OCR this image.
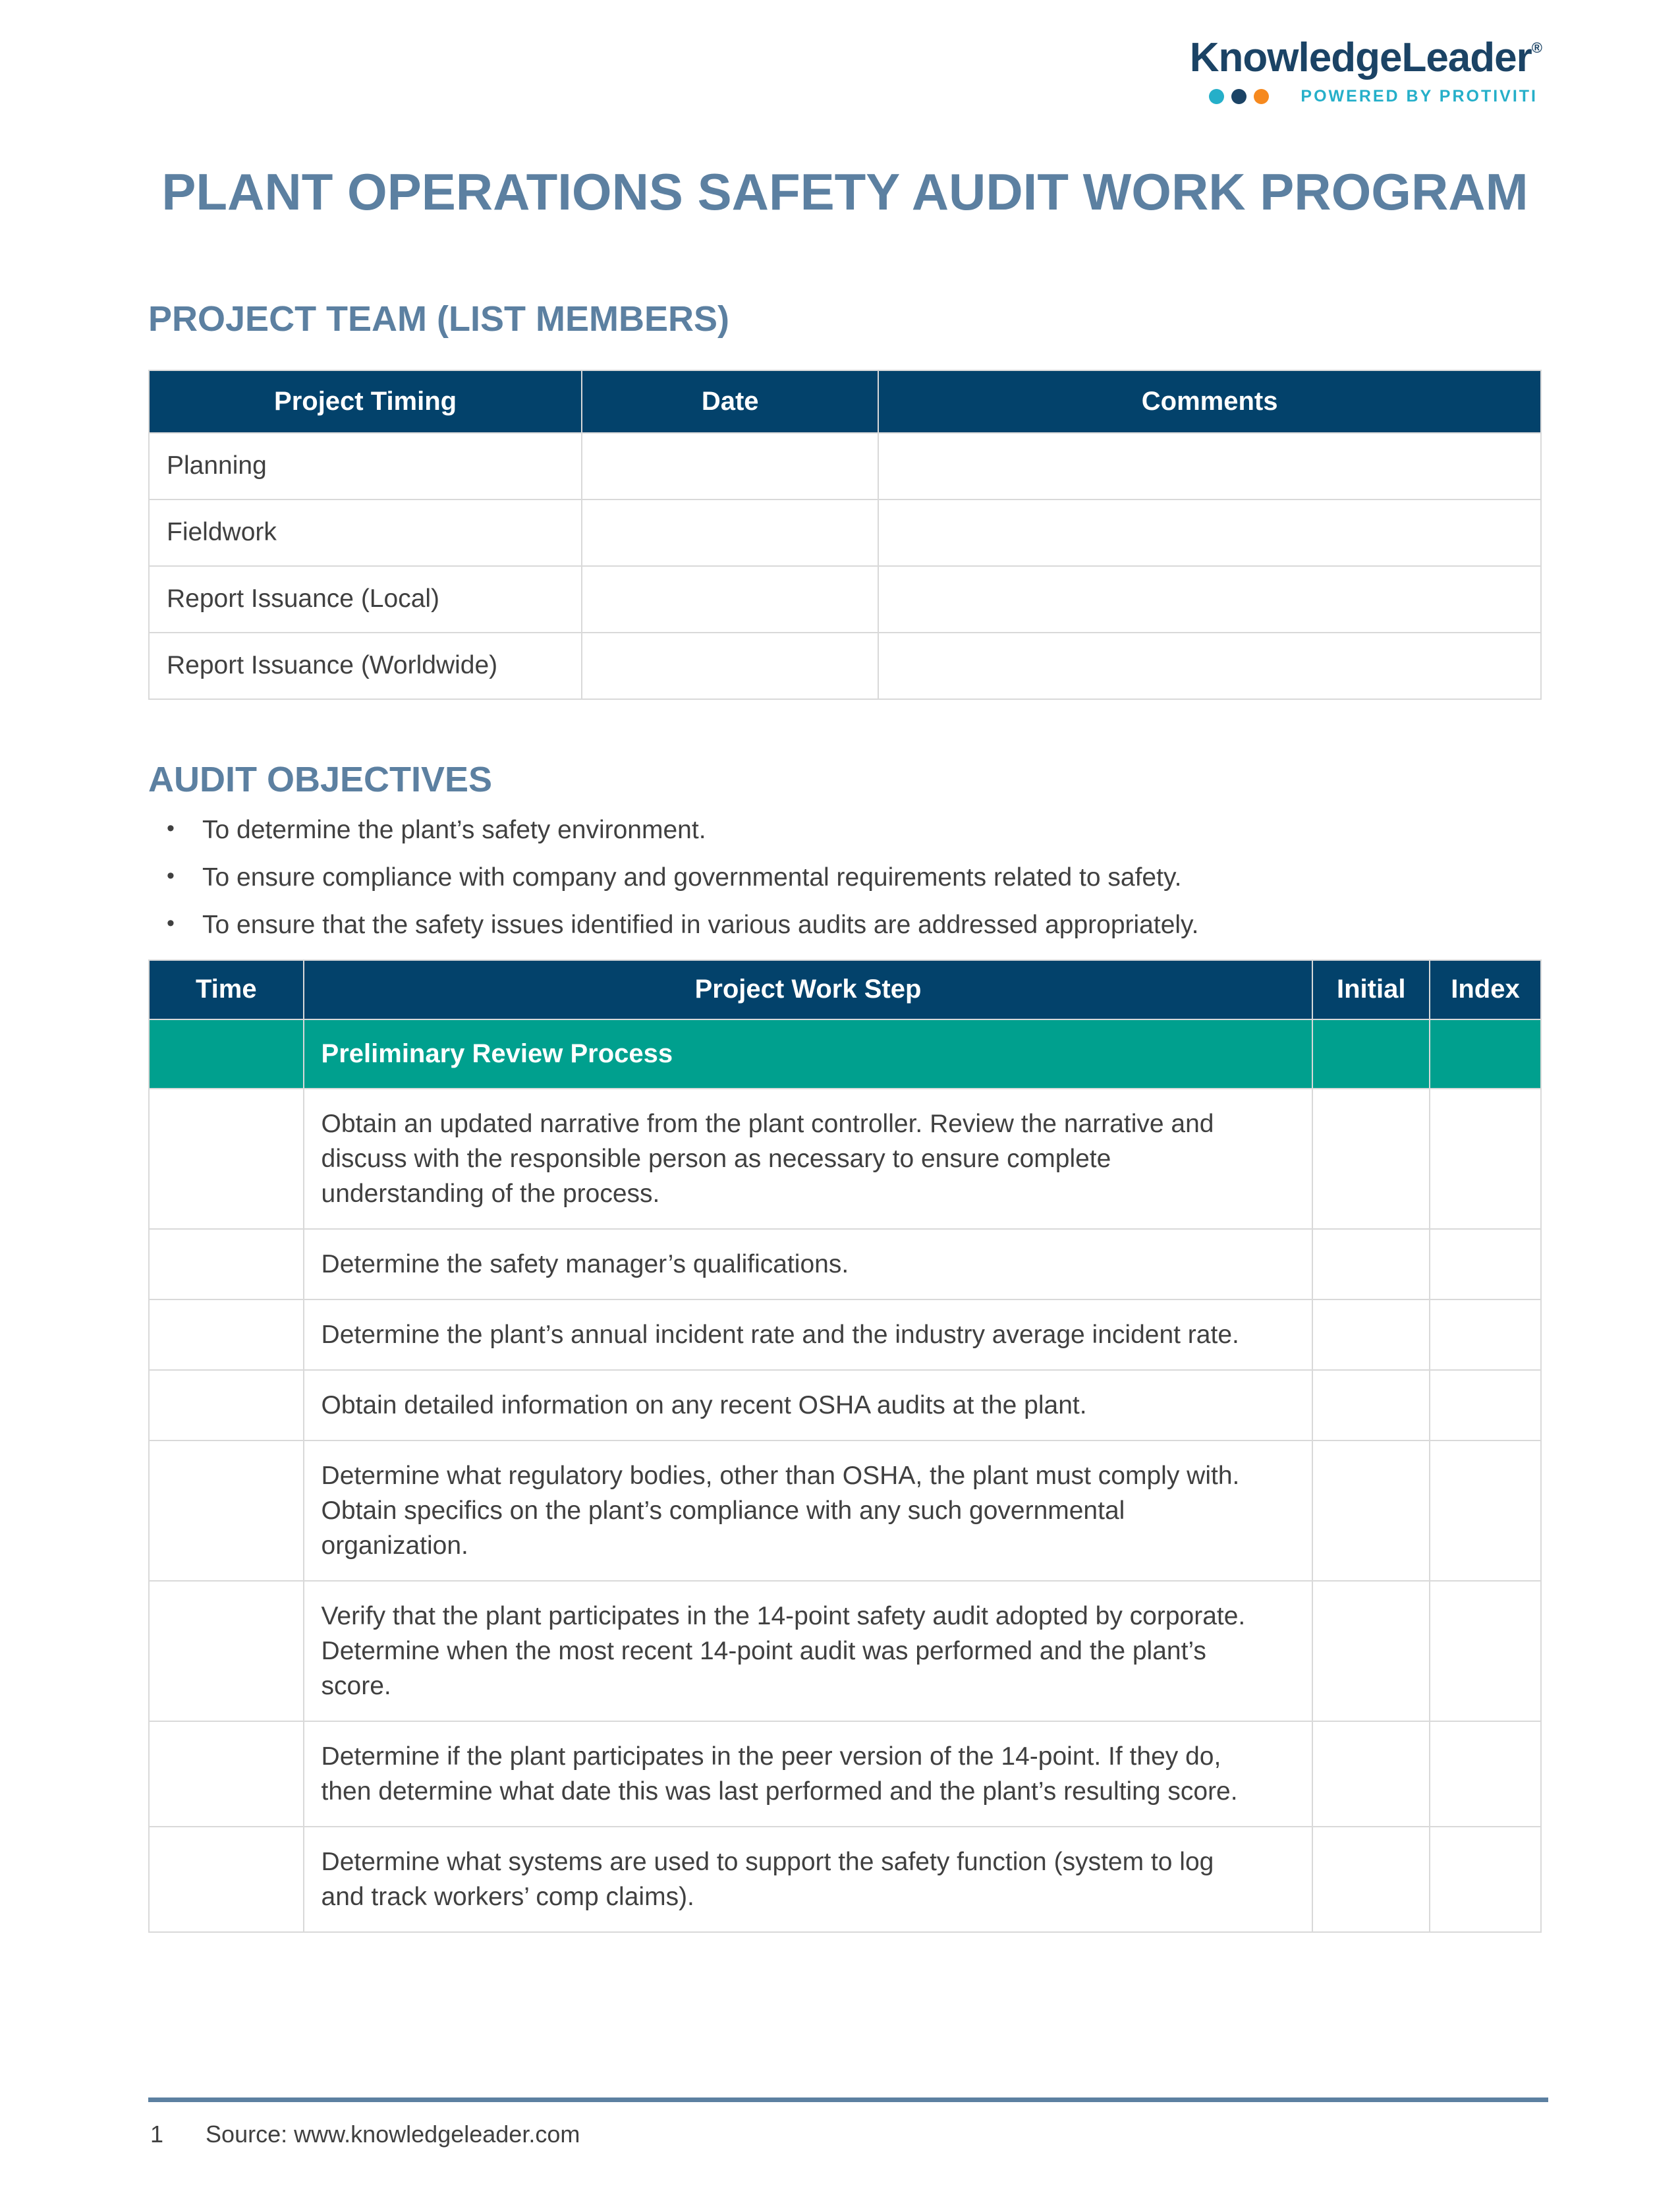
KnowledgeLeader®
POWERED BY PROTIVITI
PLANT OPERATIONS SAFETY AUDIT WORK PROGRAM
PROJECT TEAM (LIST MEMBERS)
Project Timing	Date	Comments
Planning		
Fieldwork		
Report Issuance (Local)		
Report Issuance (Worldwide)		
AUDIT OBJECTIVES
• To determine the plant’s safety environment.
• To ensure compliance with company and governmental requirements related to safety.
• To ensure that the safety issues identified in various audits are addressed appropriately.
Time	Project Work Step	Initial	Index
	Preliminary Review Process		
	Obtain an updated narrative from the plant controller. Review the narrative and discuss with the responsible person as necessary to ensure complete understanding of the process.		
	Determine the safety manager’s qualifications.		
	Determine the plant’s annual incident rate and the industry average incident rate.		
	Obtain detailed information on any recent OSHA audits at the plant.		
	Determine what regulatory bodies, other than OSHA, the plant must comply with. Obtain specifics on the plant’s compliance with any such governmental organization.		
	Verify that the plant participates in the 14-point safety audit adopted by corporate. Determine when the most recent 14-point audit was performed and the plant’s score.		
	Determine if the plant participates in the peer version of the 14-point. If they do, then determine what date this was last performed and the plant’s resulting score.		
	Determine what systems are used to support the safety function (system to log and track workers’ comp claims).		
1 Source: www.knowledgeleader.com
